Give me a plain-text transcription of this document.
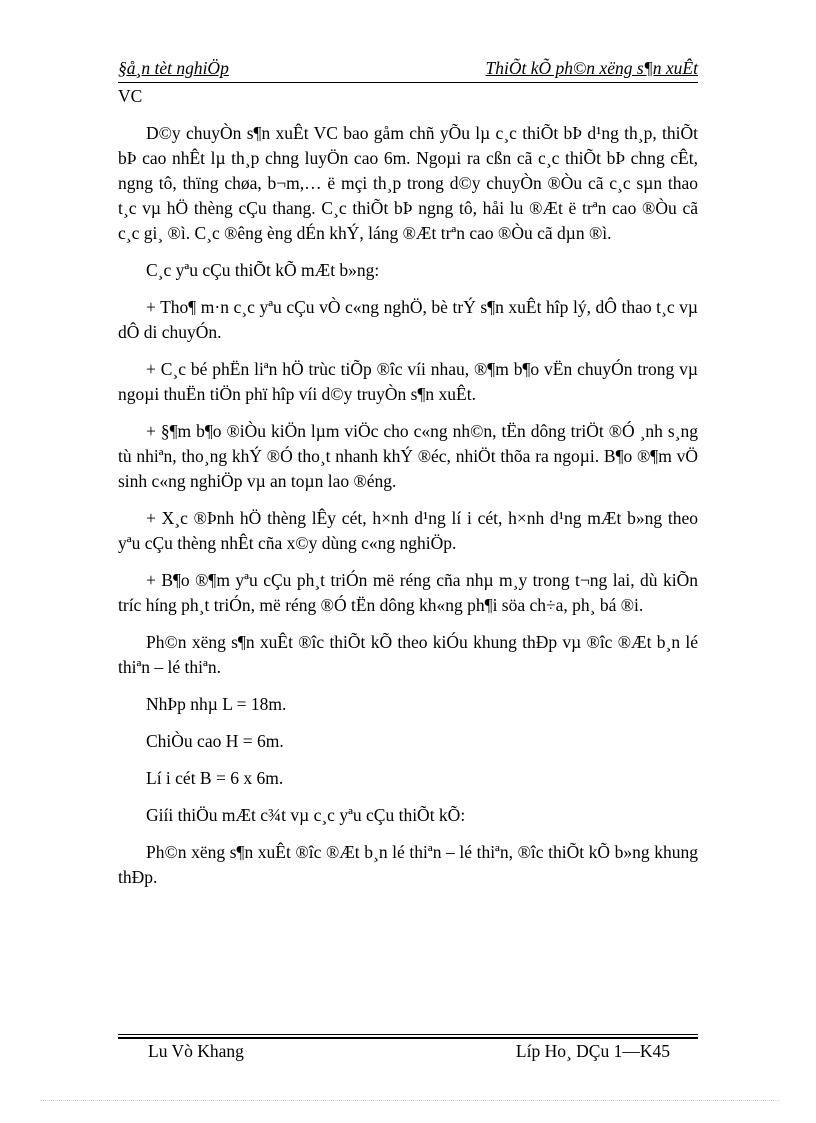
§å¸n tèt nghiÖp	ThiÕt kÕ ph©n xëng s¶n xuÊt

VC

D©y chuyÒn s¶n xuÊt VC bao gåm chñ yÕu lµ c¸c thiÕt bÞ d¹ng th¸p, thiÕt bÞ cao nhÊt lµ th¸p chng luyÖn cao 6m. Ngoµi ra cßn cã c¸c thiÕt bÞ chng cÊt, ngng tô, thïng chøa, b¬m,… ë mçi th¸p trong d©y chuyÒn ®Òu cã c¸c sµn thao t¸c vµ hÖ thèng cÇu thang. C¸c thiÕt bÞ ngng tô, håi lu ®Æt ë trªn cao ®Òu cã c¸c gi¸ ®ì. C¸c ®êng èng dÉn khÝ, láng ®Æt trªn cao ®Òu cã dµn ®ì.

C¸c yªu cÇu thiÕt kÕ mÆt b»ng:

+ Tho¶ m·n c¸c yªu cÇu vÒ c«ng nghÖ, bè trÝ s¶n xuÊt hîp lý, dÔ thao t¸c vµ dÔ di chuyÓn.

+ C¸c bé phËn liªn hÖ trùc tiÕp ®îc víi nhau, ®¶m b¶o vËn chuyÓn trong vµ ngoµi thuËn tiÖn phï hîp víi d©y truyÒn s¶n xuÊt.

+ §¶m b¶o ®iÒu kiÖn lµm viÖc cho c«ng nh©n, tËn dông triÖt ®Ó ¸nh s¸ng tù nhiªn, tho¸ng khÝ ®Ó tho¸t nhanh khÝ ®éc, nhiÖt thõa ra ngoµi. B¶o ®¶m vÖ sinh c«ng nghiÖp vµ an toµn lao ®éng.

+ X¸c ®Þnh hÖ thèng lÊy cét, h×nh d¹ng lí i cét, h×nh d¹ng mÆt b»ng theo yªu cÇu thèng nhÊt cña x©y dùng c«ng nghiÖp.

+ B¶o ®¶m yªu cÇu ph¸t triÓn më réng cña nhµ m¸y trong t¬ng lai, dù kiÕn tríc híng ph¸t triÓn, më réng ®Ó tËn dông kh«ng ph¶i söa ch÷a, ph¸ bá ®i.

Ph©n xëng s¶n xuÊt ®îc thiÕt kÕ theo kiÓu khung thÐp vµ ®îc ®Æt b¸n lé thiªn – lé thiªn.

NhÞp nhµ L = 18m.

ChiÒu cao H = 6m.

Lí i cét B = 6 x 6m.

Giíi thiÖu mÆt c¾t vµ c¸c yªu cÇu thiÕt kÕ:

Ph©n xëng s¶n xuÊt ®îc ®Æt b¸n lé thiªn – lé thiªn, ®îc thiÕt kÕ b»ng khung thÐp.

Lu Vò Khang	Líp Ho¸ DÇu 1—K45
